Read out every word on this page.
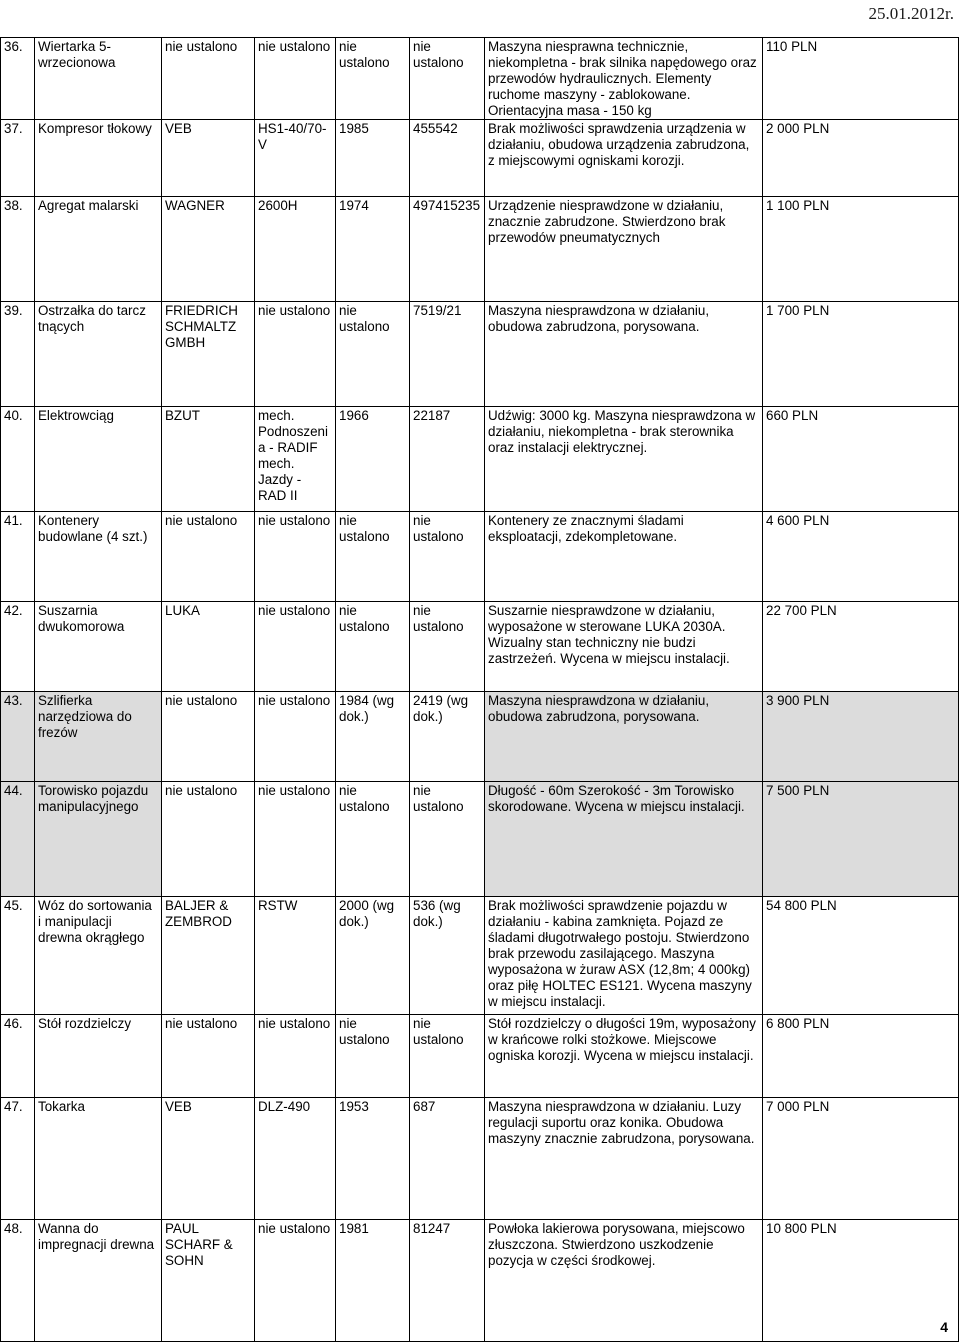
25.01.2012r.
36.	Wiertarka 5-wrzecionowa	nie ustalono	nie ustalono	nie ustalono	nie ustalono	Maszyna niesprawna technicznie, niekompletna - brak silnika napędowego oraz przewodów hydraulicznych. Elementy ruchome maszyny - zablokowane. Orientacyjna masa - 150 kg	110 PLN
37.	Kompresor tłokowy	VEB	HS1-40/70-V	1985	455542	Brak możliwości sprawdzenia urządzenia w działaniu, obudowa urządzenia zabrudzona, z miejscowymi ogniskami korozji.	2 000 PLN
38.	Agregat malarski	WAGNER	2600H	1974	497415235	Urządzenie niesprawdzone w działaniu, znacznie zabrudzone. Stwierdzono brak przewodów pneumatycznych	1 100 PLN
39.	Ostrzałka do tarcz tnących	FRIEDRICH SCHMALTZ GMBH	nie ustalono	nie ustalono	7519/21	Maszyna niesprawdzona w działaniu, obudowa zabrudzona, porysowana.	1 700 PLN
40.	Elektrowciąg	BZUT	mech. Podnoszenia - RADIF mech. Jazdy - RAD II	1966	22187	Udźwig: 3000 kg. Maszyna niesprawdzona w działaniu, niekompletna - brak sterownika oraz instalacji elektrycznej.	660 PLN
41.	Kontenery budowlane (4 szt.)	nie ustalono	nie ustalono	nie ustalono	nie ustalono	Kontenery ze znacznymi śladami eksploatacji, zdekompletowane.	4 600 PLN
42.	Suszarnia dwukomorowa	LUKA	nie ustalono	nie ustalono	nie ustalono	Suszarnie niesprawdzone w działaniu, wyposażone w sterowane LUKA 2030A. Wizualny stan techniczny nie budzi zastrzeżeń. Wycena w miejscu instalacji.	22 700 PLN
43.	Szlifierka narzędziowa do frezów	nie ustalono	nie ustalono	1984 (wg dok.)	2419 (wg dok.)	Maszyna niesprawdzona w działaniu, obudowa zabrudzona, porysowana.	3 900 PLN
44.	Torowisko pojazdu manipulacyjnego	nie ustalono	nie ustalono	nie ustalono	nie ustalono	Długość - 60m Szerokość - 3m Torowisko skorodowane. Wycena w miejscu instalacji.	7 500 PLN
45.	Wóz do sortowania i manipulacji drewna okrągłego	BALJER & ZEMBROD	RSTW	2000 (wg dok.)	536 (wg dok.)	Brak możliwości sprawdzenie pojazdu w działaniu - kabina zamknięta. Pojazd ze śladami długotrwałego postoju. Stwierdzono brak przewodu zasilającego. Maszyna wyposażona w żuraw ASX (12,8m; 4 000kg) oraz piłę HOLTEC ES121. Wycena maszyny w miejscu instalacji.	54 800 PLN
46.	Stół rozdzielczy	nie ustalono	nie ustalono	nie ustalono	nie ustalono	Stół rozdzielczy o długości 19m, wyposażony w krańcowe rolki stożkowe. Miejscowe ogniska korozji. Wycena w miejscu instalacji.	6 800 PLN
47.	Tokarka	VEB	DLZ-490	1953	687	Maszyna niesprawdzona w działaniu. Luzy regulacji suportu oraz konika. Obudowa maszyny znacznie zabrudzona, porysowana.	7 000 PLN
48.	Wanna do impregnacji drewna	PAUL SCHARF & SOHN	nie ustalono	1981	81247	Powłoka lakierowa porysowana, miejscowo złuszczona. Stwierdzono uszkodzenie pozycja w części środkowej.	10 800 PLN
4
